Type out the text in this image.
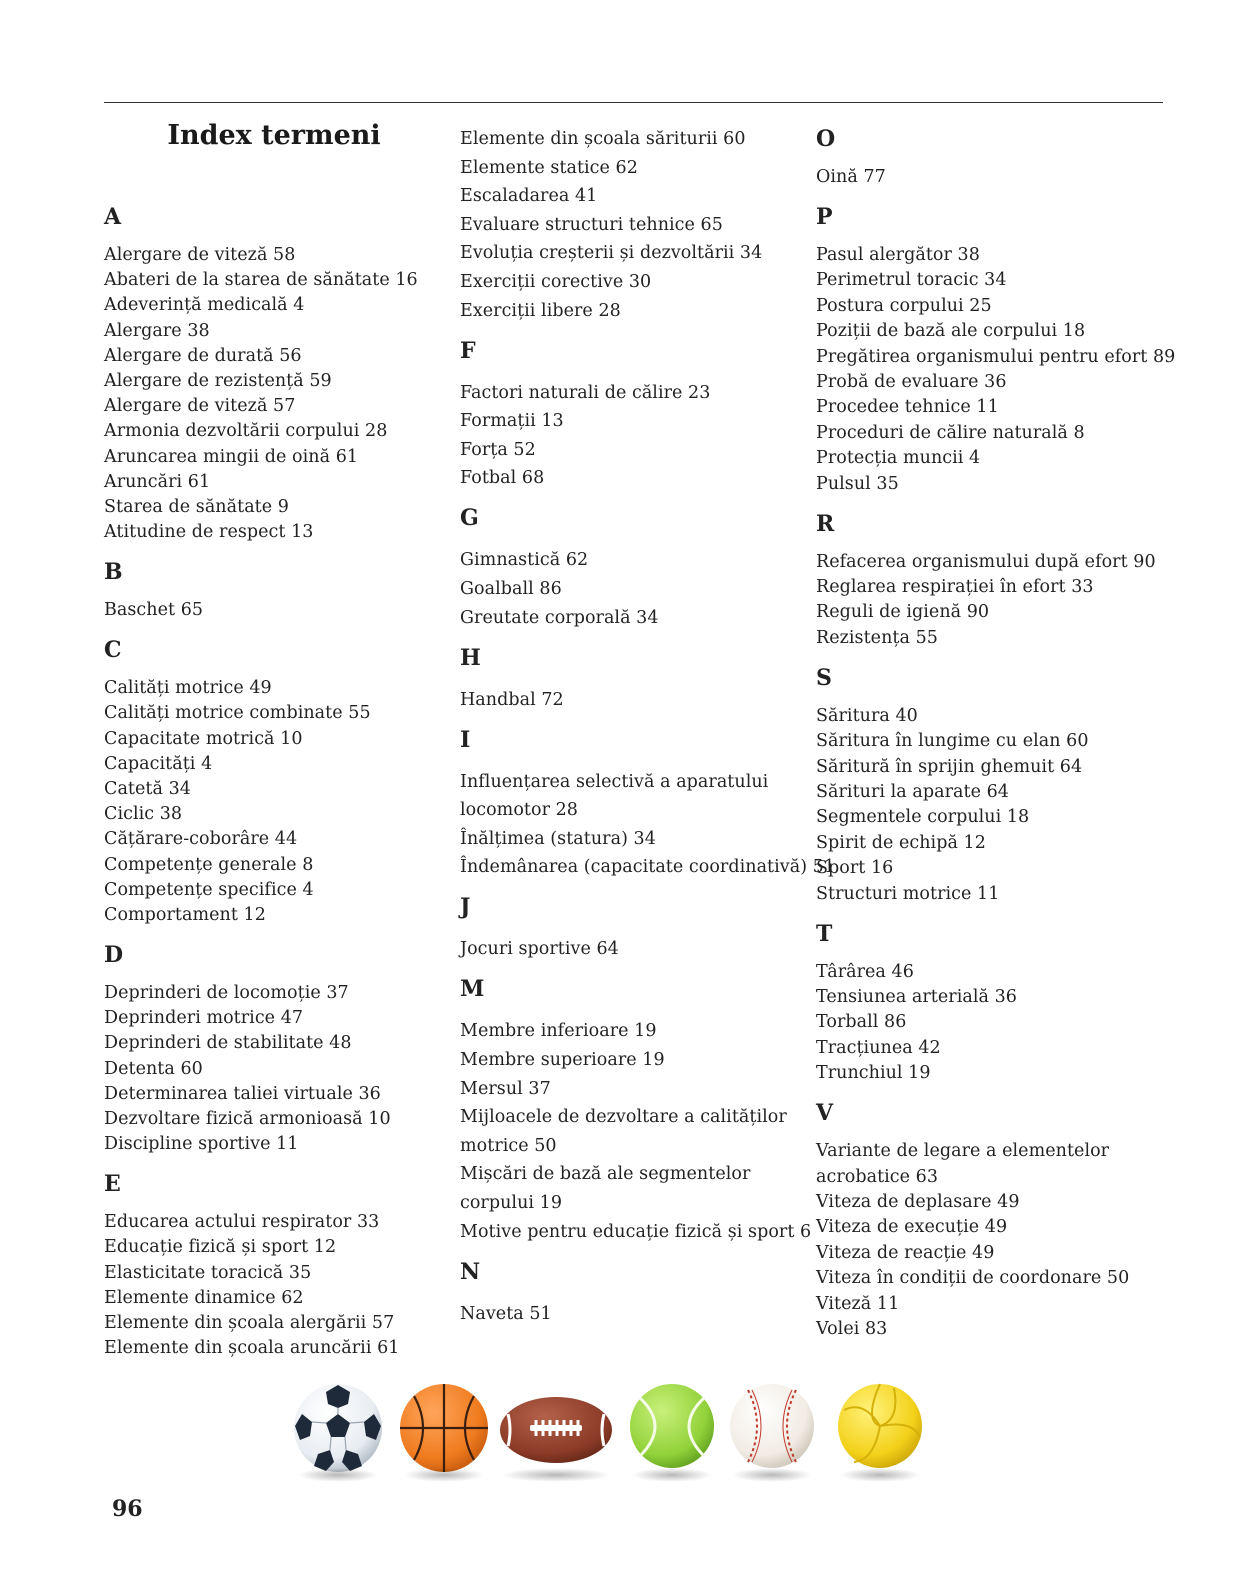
Index termeni
A
Alergare de viteză 58
Abateri de la starea de sănătate 16
Adeverință medicală 4
Alergare 38
Alergare de durată 56
Alergare de rezistență 59
Alergare de viteză 57
Armonia dezvoltării corpului 28
Aruncarea mingii de oină 61
Aruncări 61
Starea de sănătate 9
Atitudine de respect 13
B
Baschet 65
C
Calități motrice 49
Calități motrice combinate 55
Capacitate motrică 10
Capacități 4
Catetă 34
Ciclic 38
Cățărare-coborâre 44
Competențe generale 8
Competențe specifice 4
Comportament 12
D
Deprinderi de locomoție 37
Deprinderi motrice 47
Deprinderi de stabilitate 48
Detenta 60
Determinarea taliei virtuale 36
Dezvoltare fizică armonioasă 10
Discipline sportive 11
E
Educarea actului respirator 33
Educație fizică și sport 12
Elasticitate toracică 35
Elemente dinamice 62
Elemente din școala alergării 57
Elemente din școala aruncării 61
Elemente din școala săriturii 60
Elemente statice 62
Escaladarea 41
Evaluare structuri tehnice 65
Evoluția creșterii și dezvoltării 34
Exerciții corective 30
Exerciții libere 28
F
Factori naturali de călire 23
Formații 13
Forța 52
Fotbal 68
G
Gimnastică 62
Goalball 86
Greutate corporală 34
H
Handbal 72
I
Influențarea selectivă a aparatului
locomotor 28
Înălțimea (statura) 34
Îndemânarea (capacitate coordinativă) 51
J
Jocuri sportive 64
M
Membre inferioare 19
Membre superioare 19
Mersul 37
Mijloacele de dezvoltare a calităților
motrice 50
Mișcări de bază ale segmentelor
corpului 19
Motive pentru educație fizică și sport 6
N
Naveta 51
O
Oină 77
P
Pasul alergător 38
Perimetrul toracic 34
Postura corpului 25
Poziții de bază ale corpului 18
Pregătirea organismului pentru efort 89
Probă de evaluare 36
Procedee tehnice 11
Proceduri de călire naturală 8
Protecția muncii 4
Pulsul 35
R
Refacerea organismului după efort 90
Reglarea respirației în efort 33
Reguli de igienă 90
Rezistența 55
S
Săritura 40
Săritura în lungime cu elan 60
Săritură în sprijin ghemuit 64
Sărituri la aparate 64
Segmentele corpului 18
Spirit de echipă 12
Sport 16
Structuri motrice 11
T
Târârea 46
Tensiunea arterială 36
Torball 86
Tracțiunea 42
Trunchiul 19
V
Variante de legare a elementelor
acrobatice 63
Viteza de deplasare 49
Viteza de execuție 49
Viteza de reacție 49
Viteza în condiții de coordonare 50
Viteză 11
Volei 83
96
